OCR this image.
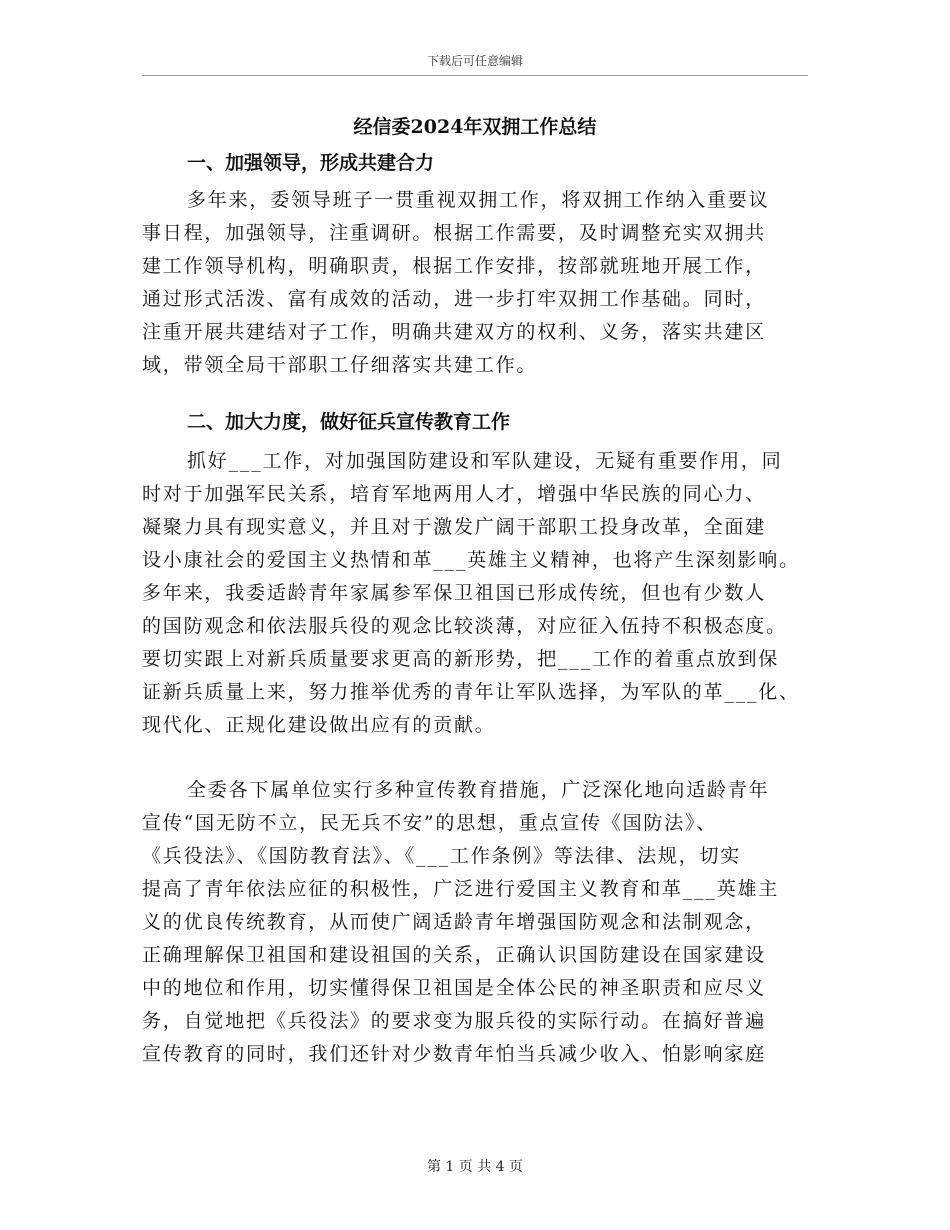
下载后可任意编辑
经信委2024年双拥工作总结
一、加强领导，形成共建合力
多年来，委领导班子一贯重视双拥工作，将双拥工作纳入重要议
事日程，加强领导，注重调研。根据工作需要，及时调整充实双拥共
建工作领导机构，明确职责，根据工作安排，按部就班地开展工作，
通过形式活泼、富有成效的活动，进一步打牢双拥工作基础。同时，
注重开展共建结对子工作，明确共建双方的权利、义务，落实共建区
域，带领全局干部职工仔细落实共建工作。
二、加大力度，做好征兵宣传教育工作
抓好___工作，对加强国防建设和军队建设，无疑有重要作用，同
时对于加强军民关系，培育军地两用人才，增强中华民族的同心力、
凝聚力具有现实意义，并且对于激发广阔干部职工投身改革，全面建
设小康社会的爱国主义热情和革___英雄主义精神，也将产生深刻影响。
多年来，我委适龄青年家属参军保卫祖国已形成传统，但也有少数人
的国防观念和依法服兵役的观念比较淡薄，对应征入伍持不积极态度。
要切实跟上对新兵质量要求更高的新形势，把___工作的着重点放到保
证新兵质量上来，努力推举优秀的青年让军队选择，为军队的革___化、
现代化、正规化建设做出应有的贡献。
全委各下属单位实行多种宣传教育措施，广泛深化地向适龄青年
宣传“国无防不立，民无兵不安”的思想，重点宣传《国防法》、
《兵役法》、《国防教育法》、《___工作条例》等法律、法规，切实
提高了青年依法应征的积极性，广泛进行爱国主义教育和革___英雄主
义的优良传统教育，从而使广阔适龄青年增强国防观念和法制观念，
正确理解保卫祖国和建设祖国的关系，正确认识国防建设在国家建设
中的地位和作用，切实懂得保卫祖国是全体公民的神圣职责和应尽义
务，自觉地把《兵役法》的要求变为服兵役的实际行动。在搞好普遍
宣传教育的同时，我们还针对少数青年怕当兵减少收入、怕影响家庭
第 1 页 共 4 页
